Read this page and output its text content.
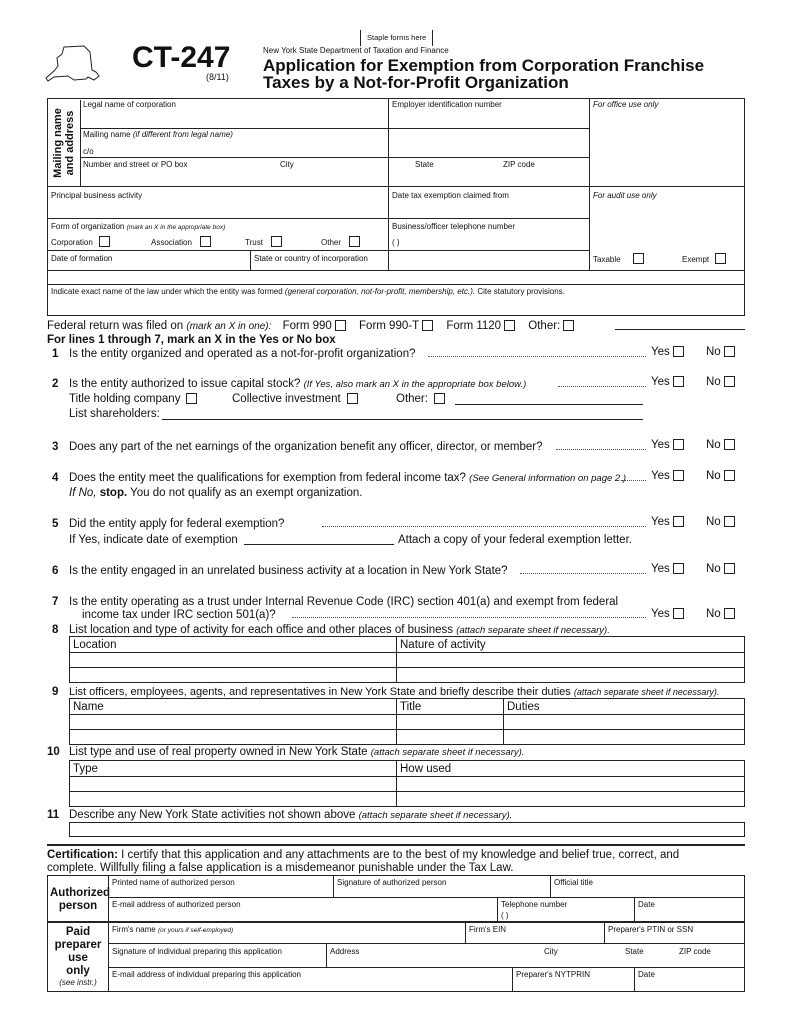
Staple forms here
CT-247
(8/11)
New York State Department of Taxation and Finance
Application for Exemption from Corporation Franchise
Taxes by a Not-for-Profit Organization
Mailing name and address
Legal name of corporation	Employer identification number	For office use only
Mailing name (if different from legal name)
c/o
Number and street or PO box	City	State	ZIP code
Principal business activity	Date tax exemption claimed from	For audit use only
Form of organization (mark an X in the appropriate box)
Corporation	Association	Trust	Other
Business/officer telephone number
( )
Date of formation	State or country of incorporation	Taxable	Exempt
Indicate exact name of the law under which the entity was formed (general corporation, not-for-profit, membership, etc.). Cite statutory provisions.
Federal return was filed on (mark an X in one): Form 990 Form 990-T Form 1120 Other:
For lines 1 through 7, mark an X in the Yes or No box
1 Is the entity organized and operated as a not-for-profit organization?	Yes	No
2 Is the entity authorized to issue capital stock? (If Yes, also mark an X in the appropriate box below.)	Yes	No
Title holding company	Collective investment	Other:
List shareholders:
3 Does any part of the net earnings of the organization benefit any officer, director, or member?	Yes	No
4 Does the entity meet the qualifications for exemption from federal income tax? (See General information on page 2.) Yes	No
If No, stop. You do not qualify as an exempt organization.
5 Did the entity apply for federal exemption?	Yes	No
If Yes, indicate date of exemption	Attach a copy of your federal exemption letter.
6 Is the entity engaged in an unrelated business activity at a location in New York State?	Yes	No
7 Is the entity operating as a trust under Internal Revenue Code (IRC) section 401(a) and exempt from federal
income tax under IRC section 501(a)?	Yes	No
8 List location and type of activity for each office and other places of business (attach separate sheet if necessary).
Location	Nature of activity
9 List officers, employees, agents, and representatives in New York State and briefly describe their duties (attach separate sheet if necessary).
Name	Title	Duties
10 List type and use of real property owned in New York State (attach separate sheet if necessary).
Type	How used
11 Describe any New York State activities not shown above (attach separate sheet if necessary).
Certification: I certify that this application and any attachments are to the best of my knowledge and belief true, correct, and
complete. Willfully filing a false application is a misdemeanor punishable under the Tax Law.
Authorized
person
Printed name of authorized person	Signature of authorized person	Official title
E-mail address of authorized person	Telephone number
( )
Date
Paid
preparer
use
only
(see instr.)
Firm's name (or yours if self-employed)	Firm's EIN	Preparer's PTIN or SSN
Signature of individual preparing this application	Address	City	State	ZIP code
E-mail address of individual preparing this application	Preparer's NYTPRIN	Date
